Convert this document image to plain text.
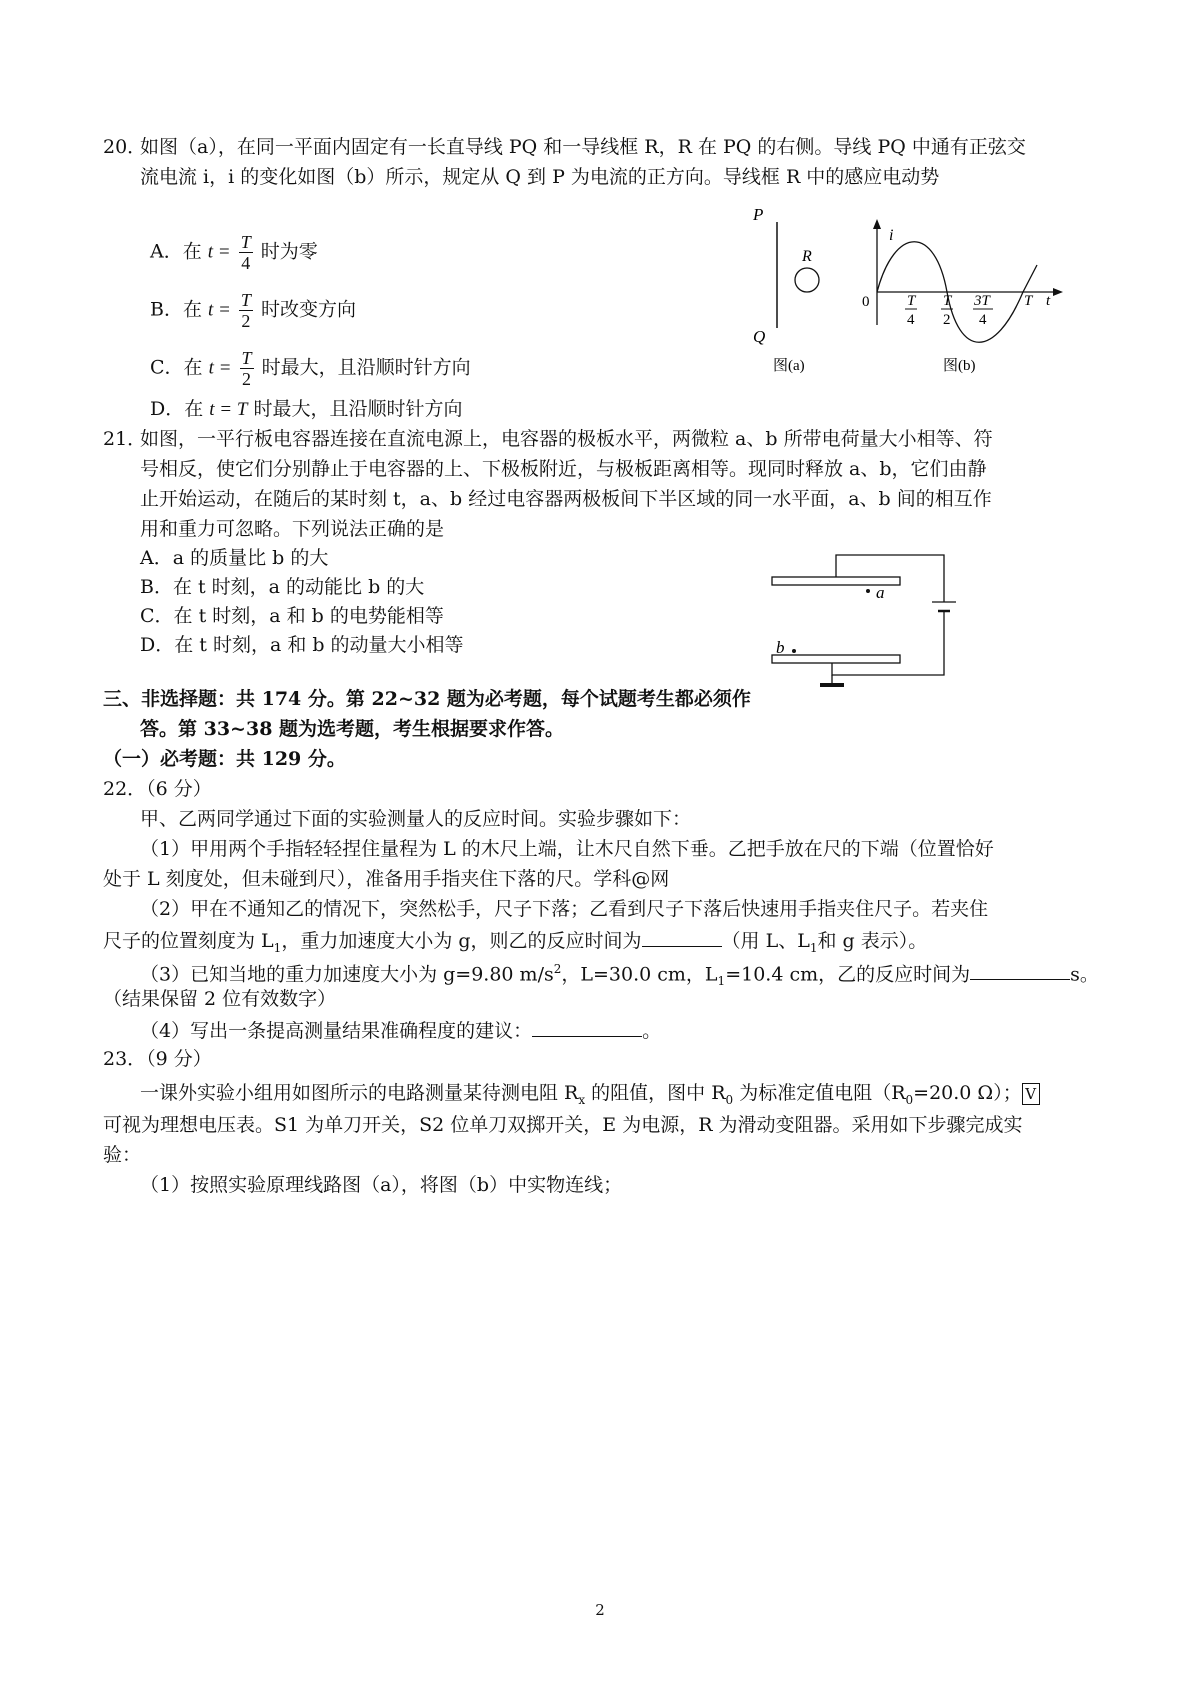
20．
如图（a），在同一平面内固定有一长直导线 PQ 和一导线框 R，R 在 PQ 的右侧。导线 PQ 中通有正弦交
流电流 i，i 的变化如图（b）所示，规定从 Q 到 P 为电流的正方向。导线框 R 中的感应电动势
A．在 $t = \frac{T}{4}$ 时为零
B．在 $t = \frac{T}{2}$ 时改变方向
C．在 $t = \frac{T}{2}$ 时最大，且沿顺时针方向
D．在 t = T 时最大，且沿顺时针方向
P
Q
R
图(a)
i
0	T
4
T
2
3T
4
T t
图(b)
21．
如图，一平行板电容器连接在直流电源上，电容器的极板水平，两微粒 a、b 所带电荷量大小相等、符
号相反，使它们分别静止于电容器的上、下极板附近，与极板距离相等。现同时释放 a、b，它们由静
止开始运动，在随后的某时刻 t，a、b 经过电容器两极板间下半区域的同一水平面，a、b 间的相互作
用和重力可忽略。下列说法正确的是
A．a 的质量比 b 的大
B．在 t 时刻，a 的动能比 b 的大
C．在 t 时刻，a 和 b 的电势能相等
D．在 t 时刻，a 和 b 的动量大小相等
a
b
三、非选择题：共 174 分。第 22~32 题为必考题，每个试题考生都必须作
答。第 33~38 题为选考题，考生根据要求作答。
（一）必考题：共 129 分。
22．（6 分）
甲、乙两同学通过下面的实验测量人的反应时间。实验步骤如下：
（1）甲用两个手指轻轻捏住量程为 L 的木尺上端，让木尺自然下垂。乙把手放在尺的下端（位置恰好
处于 L 刻度处，但未碰到尺），准备用手指夹住下落的尺。学科@网
（2）甲在不通知乙的情况下，突然松手，尺子下落；乙看到尺子下落后快速用手指夹住尺子。若夹住
尺子的位置刻度为 $L_1$，重力加速度大小为 g，则乙的反应时间为	（用 L、$L_1$和 g 表示）。
（3）已知当地的重力加速度大小为 g=9.80 $m/s^2$，L=30.0 cm，$L_1=10.4$ cm，乙的反应时间为	s。
（结果保留 2 位有效数字）
（4）写出一条提高测量结果准确程度的建议：	。
23．（9 分）
一课外实验小组用如图所示的电路测量某待测电阻 $R_x$ 的阻值，图中 $R_0$ 为标准定值电阻（$R_0=20.0$ Ω）； V
可视为理想电压表。S1 为单刀开关，S2 位单刀双掷开关，E 为电源，R 为滑动变阻器。采用如下步骤完成实
验：
（1）按照实验原理线路图（a），将图（b）中实物连线；
2
